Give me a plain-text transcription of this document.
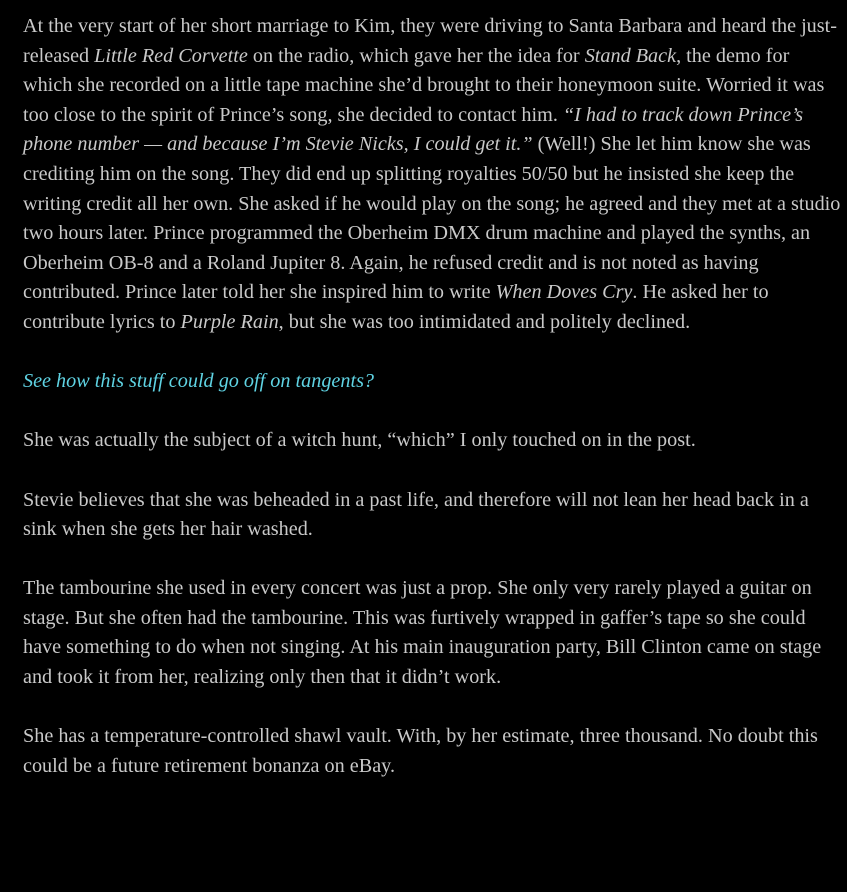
At the very start of her short marriage to Kim, they were driving to Santa Barbara and heard the just-released Little Red Corvette on the radio, which gave her the idea for Stand Back, the demo for which she recorded on a little tape machine she’d brought to their honeymoon suite. Worried it was too close to the spirit of Prince’s song, she decided to contact him. “I had to track down Prince’s phone number — and because I’m Stevie Nicks, I could get it.” (Well!) She let him know she was crediting him on the song. They did end up splitting royalties 50/50 but he insisted she keep the writing credit all her own. She asked if he would play on the song; he agreed and they met at a studio two hours later. Prince programmed the Oberheim DMX drum machine and played the synths, an Oberheim OB-8 and a Roland Jupiter 8. Again, he refused credit and is not noted as having contributed. Prince later told her she inspired him to write When Doves Cry. He asked her to contribute lyrics to Purple Rain, but she was too intimidated and politely declined.

See how this stuff could go off on tangents?

She was actually the subject of a witch hunt, “which” I only touched on in the post.

Stevie believes that she was beheaded in a past life, and therefore will not lean her head back in a sink when she gets her hair washed.

The tambourine she used in every concert was just a prop. She only very rarely played a guitar on stage. But she often had the tambourine. This was furtively wrapped in gaffer’s tape so she could have something to do when not singing. At his main inauguration party, Bill Clinton came on stage and took it from her, realizing only then that it didn’t work.

She has a temperature-controlled shawl vault. With, by her estimate, three thousand. No doubt this could be a future retirement bonanza on eBay.
